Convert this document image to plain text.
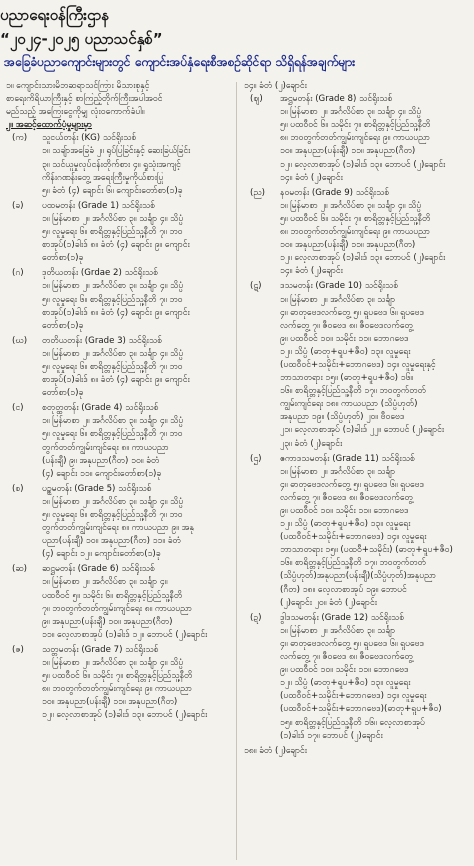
ပညာရေးဝန်ကြီးဌာန
“၂၀၂၄-၂၀၂၅ ပညာသင်နှစ်”
အခြေခံပညာကျောင်းများတွင် ကျောင်းအပ်နှံရေးစီအစဉ်ဆိုင်ရာ သိရှိရန်အချက်များ

၁။ ကျောင်းသားမိဘဆရာသင်ကြား မိသားစုနှင့်

စာရေးကိရိယာကြီးနှင့် စာကြည့်တိုက်ကြီးအပါအဝင်

မည်သည့် အကြေးငွေကိုမျှ လုံးဝကောက်ခံပါ။

၂။ အဆင့်ထောက်ပံ့မှုများမှာ

(က) သူငယ်တန်း (KG) သင်ရိုးသစ်
၁။ သချ်ာအခြေခံ ၂။ ရုပ်ပြခြင်းနှင့် ဆေးခြယ်ခြင်း
၃။ သင်ယူမှုလုပ်ငန်းတိုက်စား ၄။ ရှုသုံးအကျင့်
ကိန်းဂဏန်းတွေ့ အရေးကြီးမှုကိုယ်စားပြု
၅။ ခံတံ (၄) ချောင်း ၆။ ကျောင်းတော်စာ(၁)ခု
(ခ) ပထမတန်း (Grade 1) သင်ရိုးသစ်
၁။ မြန်မာစာ ၂။ အင်္ဂလိပ်စာ ၃။ သင်္ချာ ၄။ သိပ္ပံ
၅။ လူမှုရေး ၆။ စာရိတ္တနှင့်ပြည်သူ့နီတိ ၇။ ဘဝ
စာအုပ်(၁)ခါးဒ် ၈။ ခံတံ (၄) ချောင်း ၉။ ကျောင်း
တော်စာ(၁)ခု
(ဂ) ဒုတိယတန်း (Grdae 2) သင်ရိုးသစ်
၁။ မြန်မာစာ ၂။ အင်္ဂလိပ်စာ ၃။ သင်္ချာ ၄။ သိပ္ပံ
၅။ လူမှုရေး ၆။ စာရိတ္တနှင့်ပြည်သူ့နီတိ ၇။ ဘဝ
စာအုပ်(၁)ခါးဒ် ၈။ ခံတံ (၄) ချောင်း ၉။ ကျောင်း
တော်စာ(၁)ခု
(ဃ) တတိယတန်း (Grade 3) သင်ရိုးသစ်
၁။ မြန်မာစာ ၂။ အင်္ဂလိပ်စာ ၃။ သင်္ချာ ၄။ သိပ္ပံ
၅။ လူမှုရေး ၆။ စာရိတ္တနှင့်ပြည်သူ့နီတိ ၇။ ဘဝ
စာအုပ်(၁)ခါးဒ် ၈။ ခံတံ (၄) ချောင်း ၉။ ကျောင်း
တော်စာ(၁)ခု
(င) စတုတ္ထတန်း (Grade 4) သင်ရိုးသစ်
၁။ မြန်မာစာ ၂။ အင်္ဂလိပ်စာ ၃။ သင်္ချာ ၄။ သိပ္ပံ
၅။ လူမှုရေး ၆။ စာရိတ္တနှင့်ပြည်သူ့နီတိ ၇။ ဘဝ
တွက်တတ်ကျွမ်းကျင်ရေး ၈။ ကာယပညာ
(ပန်းချီ) ၉။ အနုပညာ(ဂီတ) ၁၀။ ခံတံ
(၄) ချောင်း ၁၁။ ကျောင်းတော်စာ(၁)ခု
(စ) ပဉ္စမတန်း (Grade 5) သင်ရိုးသစ်
၁။ မြန်မာစာ ၂။ အင်္ဂလိပ်စာ ၃။ သင်္ချာ ၄။ သိပ္ပံ
၅။ လူမှုရေး ၆။ စာရိတ္တနှင့်ပြည်သူ့နီတိ ၇။ ဘဝ
တွက်တတ်ကျွမ်းကျင်ရေး ၈။ ကာယပညာ ၉။ အနု
ပညာ(ပန်းချီ) ၁၀။ အနုပညာ(ဂီတ) ၁၁။ ခံတံ
(၄) ချောင်း ၁၂။ ကျောင်းတော်စာ(၁)ခု
(ဆ) ဆဋ္ဌမတန်း (Grade 6) သင်ရိုးသစ်
၁။ မြန်မာစာ ၂။ အင်္ဂလိပ်စာ ၃။ သင်္ချာ ၄။
ပထဝီဝင် ၅။ သမိုင်း ၆။ စာရိတ္တနှင့်ပြည်သူ့နီတိ
၇။ ဘဝတွက်တတ်ကျွမ်းကျင်ရေး ၈။ ကာယပညာ
၉။ အနုပညာ(ပန်းချီ) ၁၀။ အနုပညာ(ဂီတ)
၁၁။ လေ့လာစာအုပ် (၁)ခါးဒ် ၁၂။ ဘောပင် (၂)ချောင်း
(ဇ) သတ္တမတန်း (Grade 7) သင်ရိုးသစ်
၁။ မြန်မာစာ ၂။ အင်္ဂလိပ်စာ ၃။ သင်္ချာ ၄။ သိပ္ပံ
၅။ ပထဝီဝင် ၆။ သမိုင်း ၇။ စာရိတ္တနှင့်ပြည်သူ့နီတိ
၈။ ဘဝတွက်တတ်ကျွမ်းကျင်ရေး ၉။ ကာယပညာ
၁၀။ အနုပညာ(ပန်းချီ) ၁၁။ အနုပညာ(ဂီတ)
၁၂။ လေ့လာစာအုပ် (၁)ခါးဒ် ၁၃။ ဘောပင် (၂)ချောင်း

၁၄။ ခံတံ (၂)ချောင်း

(ဈ) အဋ္ဌမတန်း (Grade 8) သင်ရိုးသစ်
၁။ မြန်မာစာ ၂။ အင်္ဂလိပ်စာ ၃။ သင်္ချာ ၄။ သိပ္ပံ
၅။ ပထဝီဝင် ၆။ သမိုင်း ၇။ စာရိတ္တနှင့်ပြည်သူ့နီတိ
၈။ ဘဝတွက်တတ်ကျွမ်းကျင်ရေး ၉။ ကာယပညာ
၁၀။ အနုပညာ(ပန်းချီ) ၁၁။ အနုပညာ(ဂီတ)
၁၂။ လေ့လာစာအုပ် (၁)ခါးဒ် ၁၃။ ဘောပင် (၂)ချောင်း
၁၄။ ခံတံ (၂)ချောင်း
(ည) နဝမတန်း (Grade 9) သင်ရိုးသစ်
၁။ မြန်မာစာ ၂။ အင်္ဂလိပ်စာ ၃။ သင်္ချာ ၄။ သိပ္ပံ
၅။ ပထဝီဝင် ၆။ သမိုင်း ၇။ စာရိတ္တနှင့်ပြည်သူ့နီတိ
၈။ ဘဝတွက်တတ်ကျွမ်းကျင်ရေး ၉။ ကာယပညာ
၁၀။ အနုပညာ(ပန်းချီ) ၁၁။ အနုပညာ(ဂီတ)
၁၂။ လေ့လာစာအုပ် (၁)ခါးဒ် ၁၃။ ဘောပင် (၂)ချောင်း
၁၄။ ခံတံ (၂)ချောင်း
(ဋ) ဒသမတန်း (Grade 10) သင်ရိုးသစ်
၁။ မြန်မာစာ ၂။ အင်္ဂလိပ်စာ ၃။ သင်္ချာ
၄။ ဓာတုဗေဒလက်တွေ့ ၅။ ရူပဗေဒ ၆။ ရူပဗေဒ
လက်တွေ့ ၇။ ဇီဝဗေဒ ၈။ ဇီဝဗေဒလက်တွေ့
၉။ ပထဝီဝင် ၁၀။ သမိုင်း ၁၁။ ဘောဂဗေဒ
၁၂။ သိပ္ပံ (ဓာတု+ရူပ+ဇီဝ) ၁၃။ လူမှုရေး
(ပထဝီဝင်+သမိုင်း+ဘောဂဗေဒ) ၁၄။ လူမှုရေးနှင့်
ဘာသာတရား ၁၅။ (ဓာတု+ရူပ+ဇီဝ) ၁၆။
၁၆။ စာရိတ္တနှင့်ပြည်သူ့နီတိ ၁၇။ ဘဝတွက်တတ်
ကျွမ်းကျင်ရေး ၁၈။ ကာယပညာ (သိပ္ပံဟုတ်)
အနုပညာ ၁၉။ (သိပ္ပံဟုတ်) ၂၀။ ဗီဝဗေဒ
၂၁။ လေ့လာစာအုပ် (၁)ခါးဒ် ၂၂။ ဘောပင် (၂)ချောင်း
၂၃။ ခံတံ (၂)ချောင်း
(ဌ) ဧကာဒသမတန်း (Grade 11) သင်ရိုးသစ်
၁။ မြန်မာစာ ၂။ အင်္ဂလိပ်စာ ၃။ သင်္ချာ
၄။ ဓာတုဗေဒလက်တွေ့ ၅။ ရူပဗေဒ ၆။ ရူပဗေဒ
လက်တွေ့ ၇။ ဇီဝဗေဒ ၈။ ဇီဝဗေဒလက်တွေ့
၉။ ပထဝီဝင် ၁၀။ သမိုင်း ၁၁။ ဘောဂဗေဒ
၁၂။ သိပ္ပံ (ဓာတု+ရူပ+ဇီဝ) ၁၃။ လူမှုရေး
(ပထဝီဝင်+သမိုင်း+ဘောဂဗေဒ) ၁၄။ လူမှုရေး
ဘာသာတရား ၁၅။ (ပထဝီ+သမိုင်း) (ဓာတု+ရူပ+ဇီဝ)
၁၆။ စာရိတ္တနှင့်ပြည်သူ့နီတိ ၁၇။ ဘဝတွက်တတ်
(သိပ္ပံဟုတ်)အနုပညာ(ပန်းချီ)(သိပ္ပံဟုတ်)အနုပညာ
(ဂီတ) ၁၈။ လေ့လာစာအုပ် ၁၉။ ဘောပင်
(၂)ချောင်း ၂၀။ ခံတံ (၂)ချောင်း
(ဍ) ဒွါဒသမတန်း (Grade 12) သင်ရိုးသစ်
၁။ မြန်မာစာ ၂။ အင်္ဂလိပ်စာ ၃။ သင်္ချာ
၄။ ဓာတုဗေဒလက်တွေ့ ၅။ ရူပဗေဒ ၆။ ရူပဗေဒ
လက်တွေ့ ၇။ ဇီဝဗေဒ ၈။ ဇီဝဗေဒလက်တွေ့
၉။ ပထဝီဝင် ၁၀။ သမိုင်း ၁၁။ ဘောဂဗေဒ
၁၂။ သိပ္ပံ (ဓာတု+ရူပ+ဇီဝ) ၁၃။ လူမှုရေး
(ပထဝီဝင်+သမိုင်း+ဘောဂဗေဒ) ၁၄။ လူမှုရေး
(ပထဝီဝင်+သမိုင်း+ဘောဂဗေဒ)(ဓာတု+ရူပ+ဇီဝ)
၁၅။ စာရိတ္တနှင့်ပြည်သူ့နီတိ ၁၆။ လေ့လာစာအုပ်
(၁)ခါးဒ် ၁၇။ ဘောပင် (၂)ချောင်း

၁၈။ ခံတံ (၂)ချောင်း
